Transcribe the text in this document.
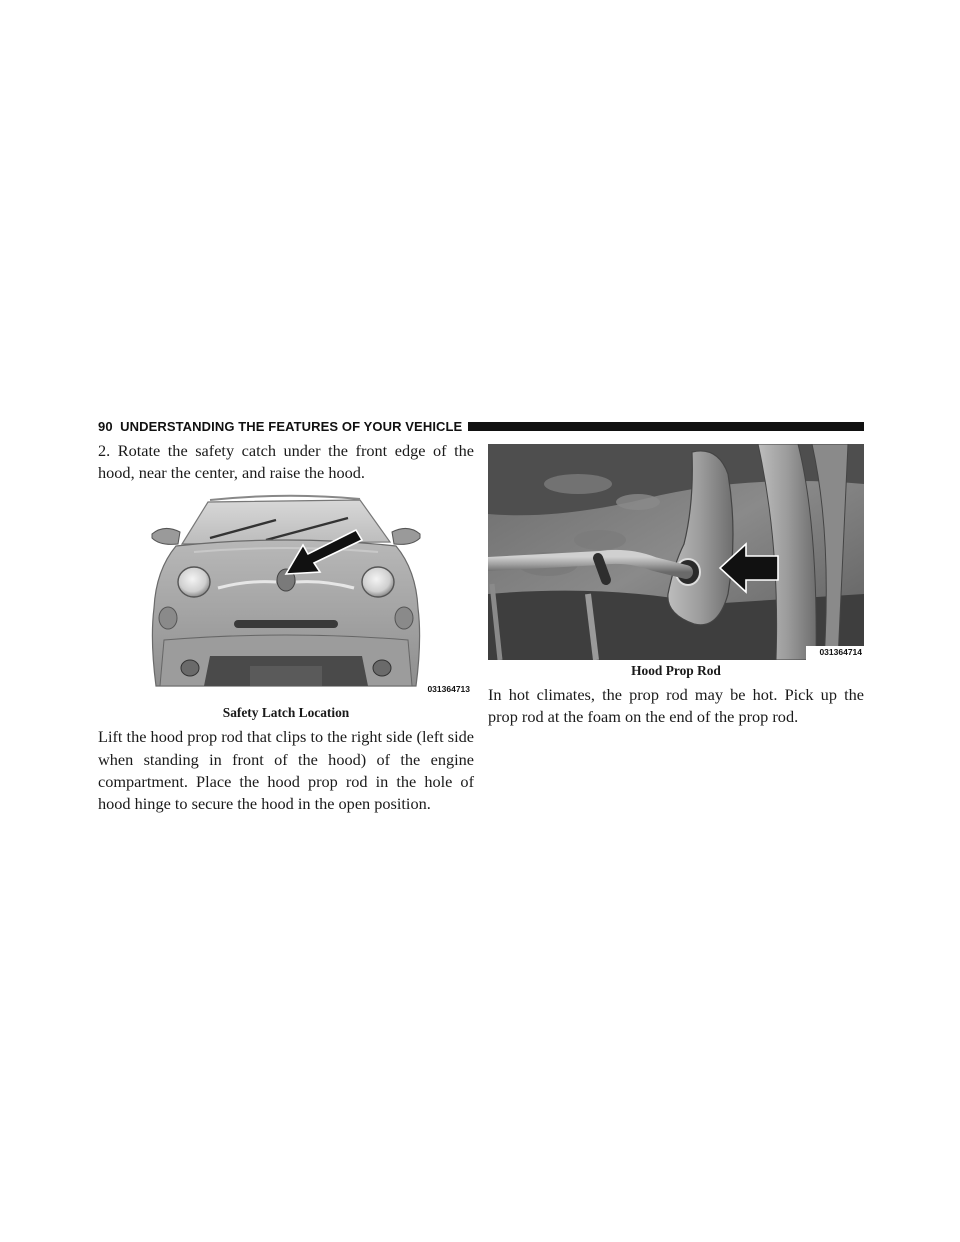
90 UNDERSTANDING THE FEATURES OF YOUR VEHICLE

2. Rotate the safety catch under the front edge of the hood, near the center, and raise the hood.

031364713
Safety Latch Location

Lift the hood prop rod that clips to the right side (left side when standing in front of the hood) of the engine compartment. Place the hood prop rod in the hole of hood hinge to secure the hood in the open position.

031364714
Hood Prop Rod

In hot climates, the prop rod may be hot. Pick up the prop rod at the foam on the end of the prop rod.
